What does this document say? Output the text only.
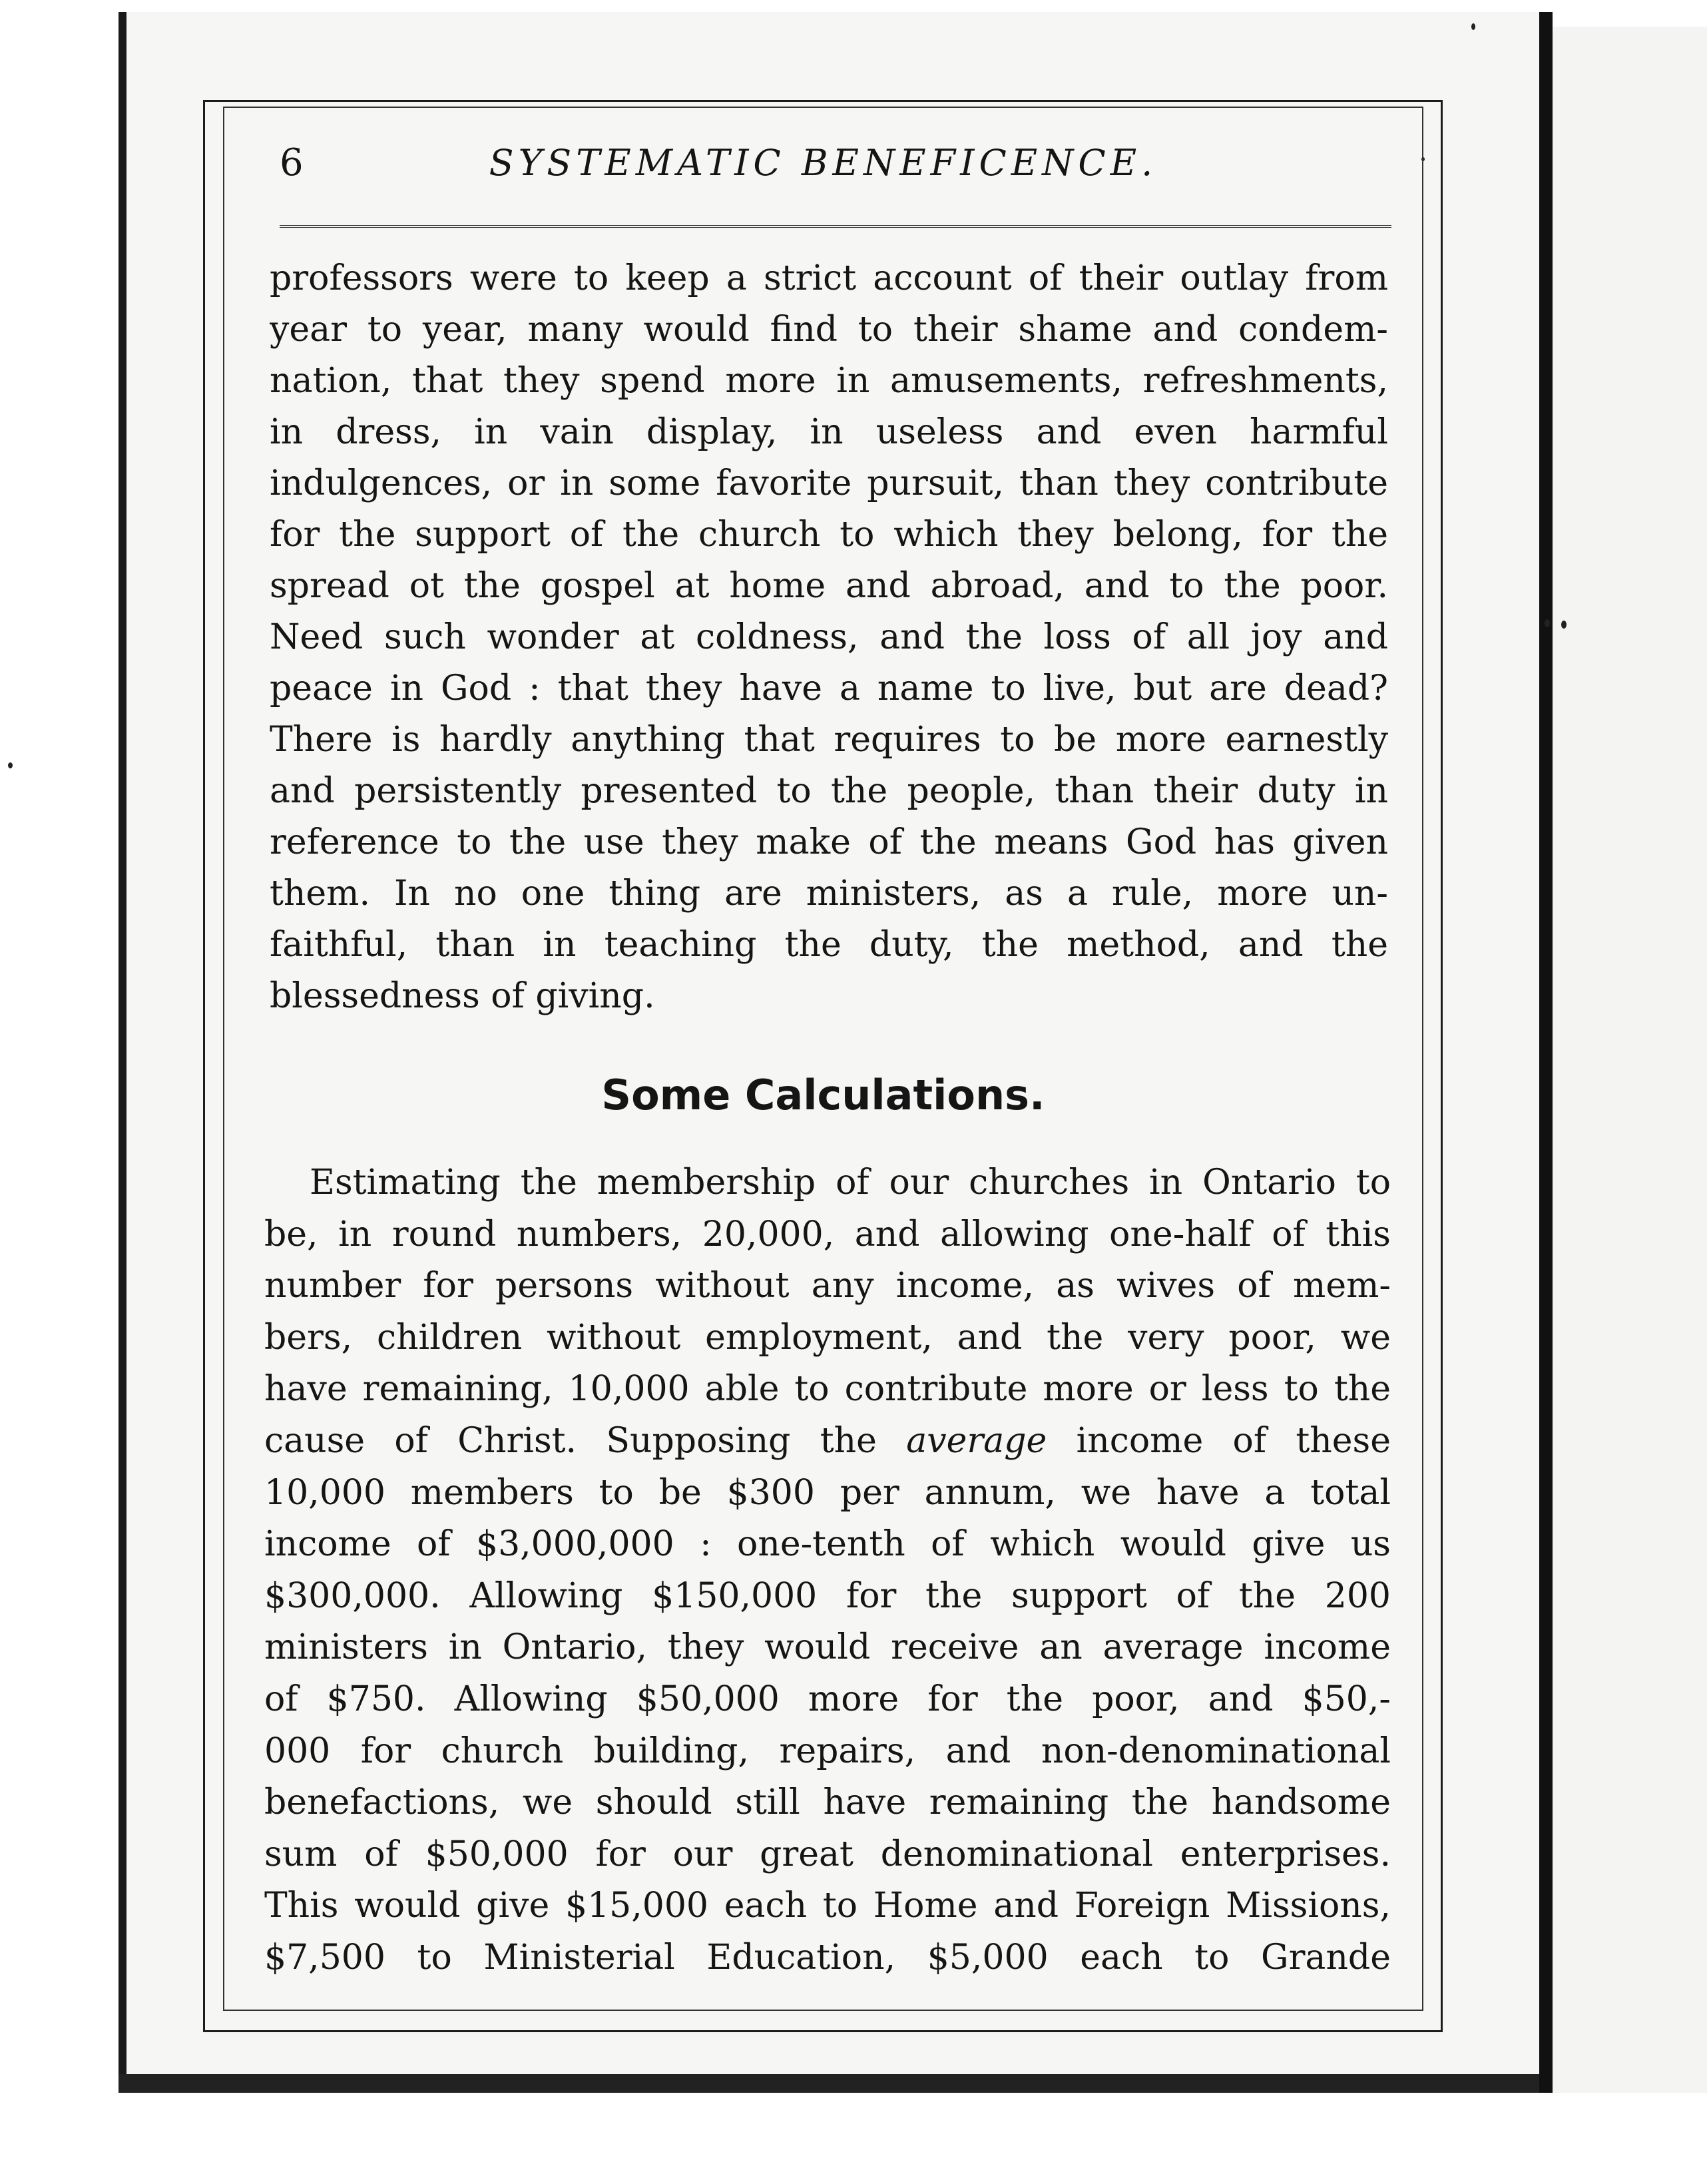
6	SYSTEMATIC BENEFICENCE.
professors were to keep a strict account of their outlay from
year to year, many would find to their shame and condem-
nation, that they spend more in amusements, refreshments,
in dress, in vain display, in useless and even harmful
indulgences, or in some favorite pursuit, than they contribute
for the support of the church to which they belong, for the
spread ot the gospel at home and abroad, and to the poor.
Need such wonder at coldness, and the loss of all joy and
peace in God : that they have a name to live, but are dead?
There is hardly anything that requires to be more earnestly
and persistently presented to the people, than their duty in
reference to the use they make of the means God has given
them. In no one thing are ministers, as a rule, more un-
faithful, than in teaching the duty, the method, and the
blessedness of giving.
Some Calculations.
Estimating the membership of our churches in Ontario to
be, in round numbers, 20,000, and allowing one-half of this
number for persons without any income, as wives of mem-
bers, children without employment, and the very poor, we
have remaining, 10,000 able to contribute more or less to the
cause of Christ. Supposing the average income of these
10,000 members to be $300 per annum, we have a total
income of $3,000,000 : one-tenth of which would give us
$300,000. Allowing $150,000 for the support of the 200
ministers in Ontario, they would receive an average income
of $750. Allowing $50,000 more for the poor, and $50,-
000 for church building, repairs, and non-denominational
benefactions, we should still have remaining the handsome
sum of $50,000 for our great denominational enterprises.
This would give $15,000 each to Home and Foreign Missions,
$7,500 to Ministerial Education, $5,000 each to Grande
